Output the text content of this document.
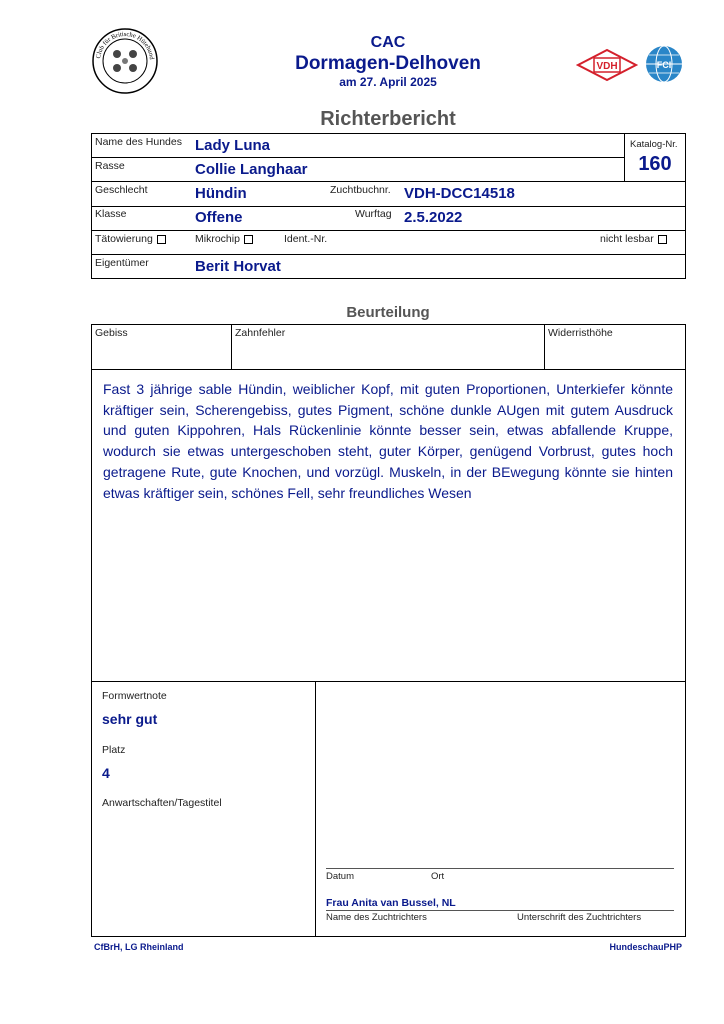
Club für Britische Hütehund
CAC
Dormagen-Delhoven
am 27. April 2025
VDH	FCI
Richterbericht
Name des Hundes Lady Luna	Katalog-Nr.
160
Rasse	Collie Langhaar
Geschlecht	Hündin	Zuchtbuchnr. VDH-DCC14518
Klasse	Offene	Wurftag 2.5.2022
Tätowierung	Mikrochip	Ident.-Nr.	nicht lesbar
Eigentümer	Berit Horvat
Beurteilung
Gebiss	Zahnfehler	Widerristhöhe
Fast 3 jährige sable Hündin, weiblicher Kopf, mit guten Proportionen, Unterkiefer könnte kräftiger sein, Scherengebiss, gutes Pigment, schöne dunkle AUgen mit gutem Ausdruck und guten Kippohren, Hals Rückenlinie könnte besser sein, etwas abfallende Kruppe, wodurch sie etwas untergeschoben steht, guter Körper, genügend Vorbrust, gutes hoch getragene Rute, gute Knochen, und vorzügl. Muskeln, in der BEwegung könnte sie hinten etwas kräftiger sein, schönes Fell, sehr freundliches Wesen
Formwertnote
sehr gut
Platz
4
Anwartschaften/Tagestitel
Datum	Ort
Frau Anita van Bussel, NL
Name des Zuchtrichters	Unterschrift des Zuchtrichters
CfBrH, LG Rheinland	HundeschauPHP
